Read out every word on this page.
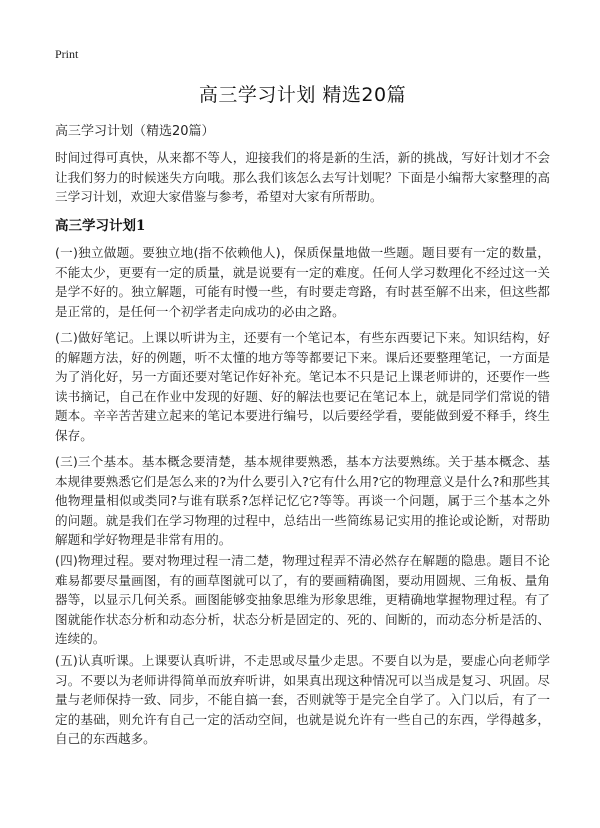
Print
高三学习计划 精选20篇

高三学习计划（精选20篇）

时间过得可真快，从来都不等人，迎接我们的将是新的生活，新的挑战，写好计划才不会让我们努力的时候迷失方向哦。那么我们该怎么去写计划呢？下面是小编帮大家整理的高三学习计划，欢迎大家借鉴与参考，希望对大家有所帮助。

高三学习计划1

(一)独立做题。要独立地(指不依赖他人)，保质保量地做一些题。题目要有一定的数量，不能太少，更要有一定的质量，就是说要有一定的难度。任何人学习数理化不经过这一关是学不好的。独立解题，可能有时慢一些，有时要走弯路，有时甚至解不出来，但这些都是正常的，是任何一个初学者走向成功的必由之路。

(二)做好笔记。上课以听讲为主，还要有一个笔记本，有些东西要记下来。知识结构，好的解题方法，好的例题，听不太懂的地方等等都要记下来。课后还要整理笔记，一方面是为了消化好，另一方面还要对笔记作好补充。笔记本不只是记上课老师讲的，还要作一些读书摘记，自己在作业中发现的好题、好的解法也要记在笔记本上，就是同学们常说的错题本。辛辛苦苦建立起来的笔记本要进行编号，以后要经学看，要能做到爱不释手，终生保存。

(三)三个基本。基本概念要清楚，基本规律要熟悉，基本方法要熟练。关于基本概念、基本规律要熟悉它们是怎么来的?为什么要引入?它有什么用?它的物理意义是什么?和那些其他物理量相似或类同?与谁有联系?怎样记忆它?等等。再谈一个问题，属于三个基本之外的问题。就是我们在学习物理的过程中，总结出一些简练易记实用的推论或论断，对帮助解题和学好物理是非常有用的。

(四)物理过程。要对物理过程一清二楚，物理过程弄不清必然存在解题的隐患。题目不论难易都要尽量画图，有的画草图就可以了，有的要画精确图，要动用圆规、三角板、量角器等，以显示几何关系。画图能够变抽象思维为形象思维，更精确地掌握物理过程。有了图就能作状态分析和动态分析，状态分析是固定的、死的、间断的，而动态分析是活的、连续的。

(五)认真听课。上课要认真听讲，不走思或尽量少走思。不要自以为是，要虚心向老师学习。不要以为老师讲得简单而放弃听讲，如果真出现这种情况可以当成是复习、巩固。尽量与老师保持一致、同步，不能自搞一套，否则就等于是完全自学了。入门以后，有了一定的基础，则允许有自己一定的活动空间，也就是说允许有一些自己的东西，学得越多，自己的东西越多。
